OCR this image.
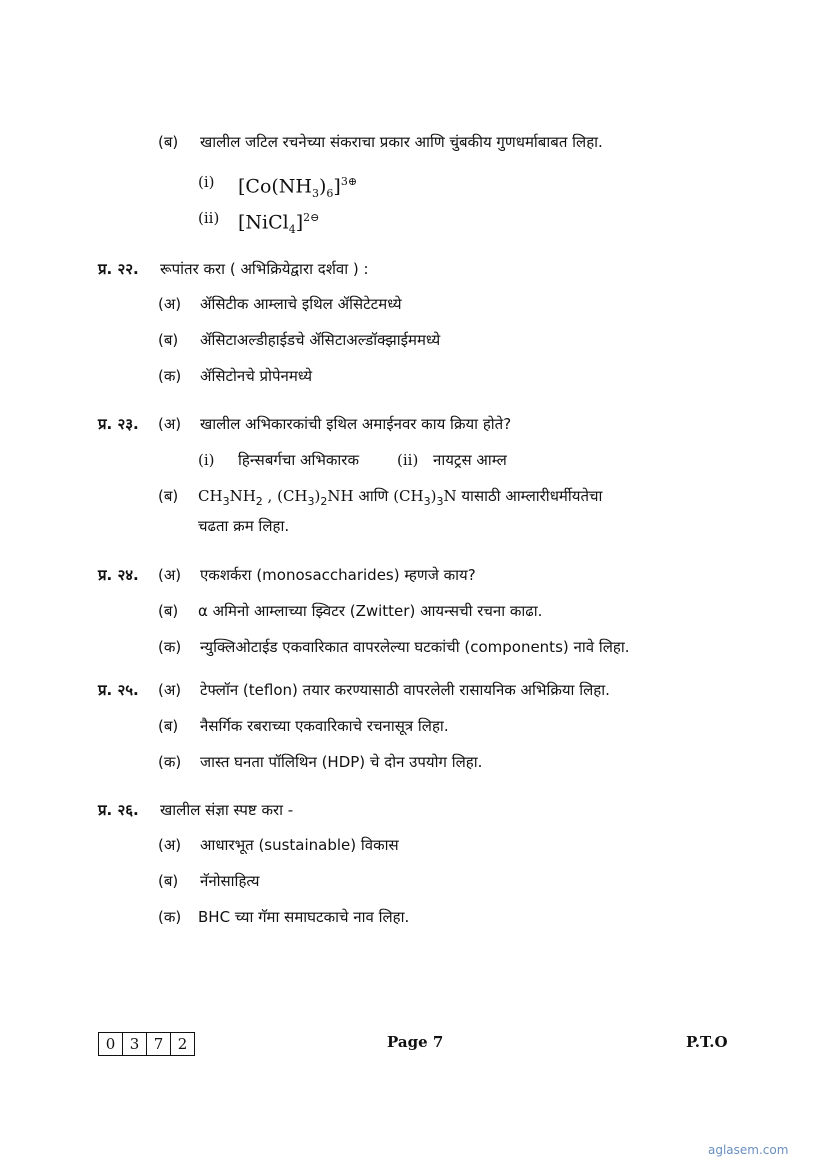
(ब) खालील जटिल रचनेच्या संकराचा प्रकार आणि चुंबकीय गुणधर्माबाबत लिहा.
(i) $[Co(NH_3)_6]^{3\oplus}$
(ii) [NiCl$_4$]$^{2⊖}$
प्र. २२. रूपांतर करा ( अभिक्रियेद्वारा दर्शवा ) :
(अ) ॲसिटीक आम्लाचे इथिल ॲसिटेटमध्ये
(ब) ॲसिटाअल्डीहाईडचे ॲसिटाअल्डॉक्झाईममध्ये
(क) ॲसिटोनचे प्रोपेनमध्ये
प्र. २३. (अ) खालील अभिकारकांची इथिल अमाईनवर काय क्रिया होते?
(i) हिन्सबर्गचा अभिकारक	(ii) नायट्रस आम्ल
(ब) $CH_3NH_2$ , $(CH_3)_2NH$ आणि $(CH_3)_3N$ यासाठी आम्लारीधर्मीयतेचा
चढता क्रम लिहा.
प्र. २४. (अ) एकशर्करा (monosaccharides) म्हणजे काय?
(ब) α अमिनो आम्लाच्या झ्विटर (Zwitter) आयन्सची रचना काढा.
(क) न्युक्लिओटाईड एकवारिकात वापरलेल्या घटकांची (components) नावे लिहा.
प्र. २५. (अ) टेफ्लॉन (teflon) तयार करण्यासाठी वापरलेली रासायनिक अभिक्रिया लिहा.
(ब) नैसर्गिक रबराच्या एकवारिकाचे रचनासूत्र लिहा.
(क) जास्त घनता पॉलिथिन (HDP) चे दोन उपयोग लिहा.
प्र. २६. खालील संज्ञा स्पष्ट करा -
(अ) आधारभूत (sustainable) विकास
(ब) नॅनोसाहित्य
(क) BHC च्या गॅमा समाघटकाचे नाव लिहा.
0 3 7 2	Page 7	P.T.O
aglasem.com
